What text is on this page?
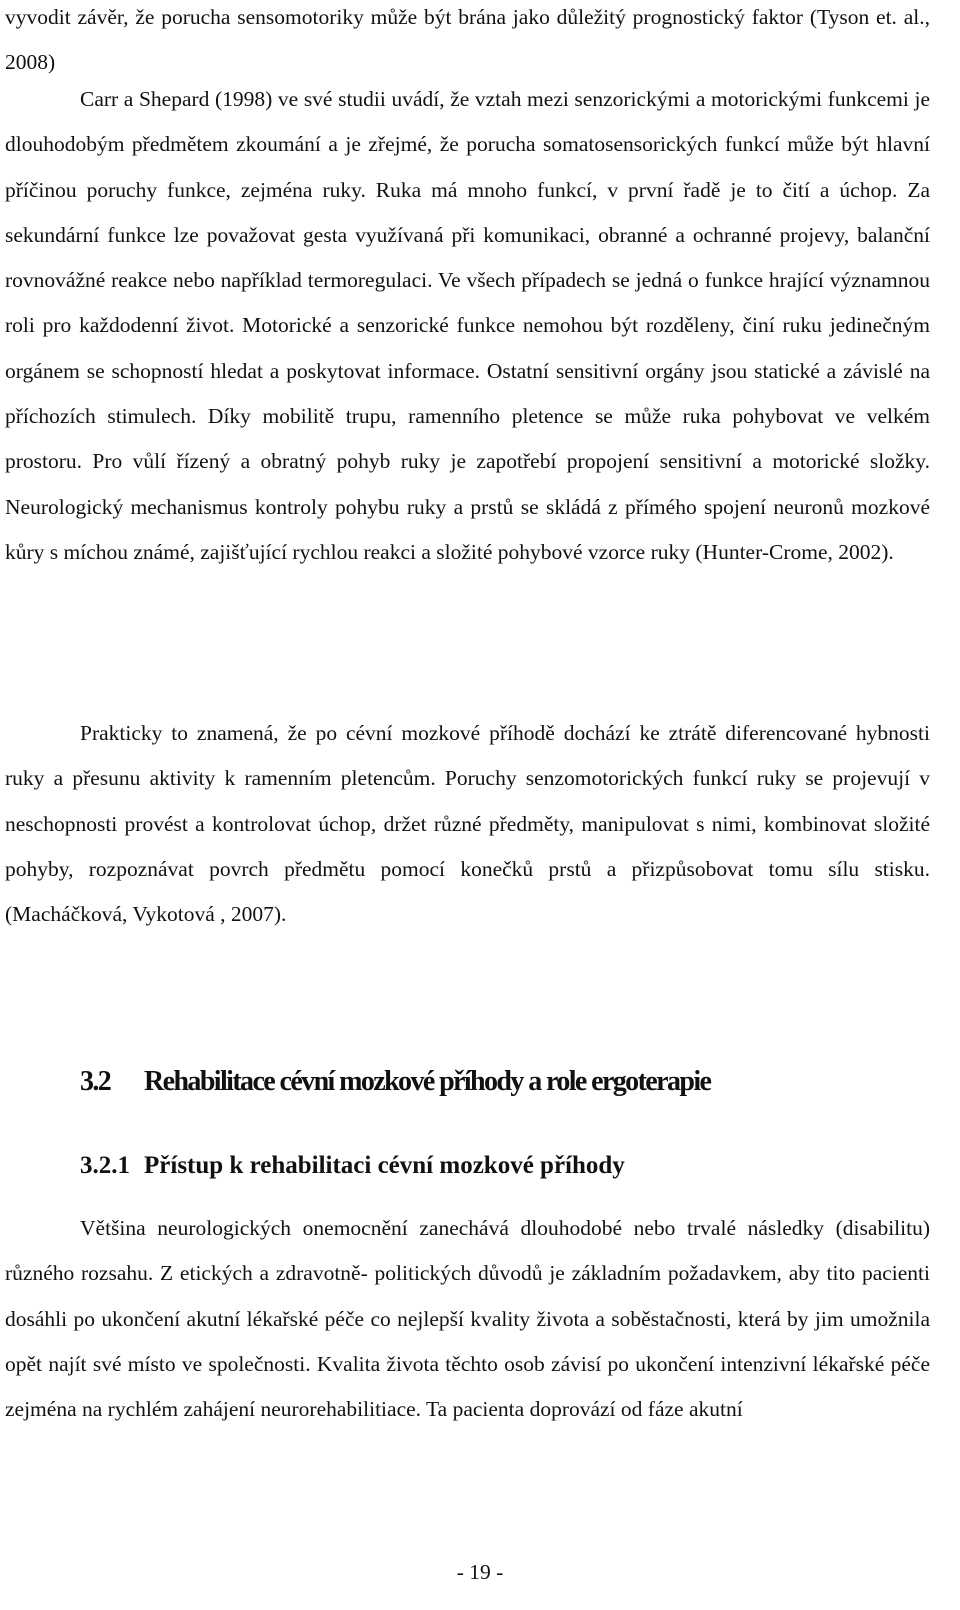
vyvodit závěr, že porucha sensomotoriky může být brána jako důležitý prognostický faktor (Tyson et. al., 2008)

Carr a Shepard (1998) ve své studii uvádí, že vztah mezi senzorickými a motorickými funkcemi je dlouhodobým předmětem zkoumání a je zřejmé, že porucha somatosensorických funkcí může být hlavní příčinou poruchy funkce, zejména ruky. Ruka má mnoho funkcí, v první řadě je to čití a úchop. Za sekundární funkce lze považovat gesta využívaná při komunikaci, obranné a ochranné projevy, balanční rovnovážné reakce nebo například termoregulaci. Ve všech případech se jedná o funkce hrající významnou roli pro každodenní život. Motorické a senzorické funkce nemohou být rozděleny, činí ruku jedinečným orgánem se schopností hledat a poskytovat informace. Ostatní sensitivní orgány jsou statické a závislé na příchozích stimulech. Díky mobilitě trupu, ramenního pletence se může ruka pohybovat ve velkém prostoru. Pro vůlí řízený a obratný pohyb ruky je zapotřebí propojení sensitivní a motorické složky. Neurologický mechanismus kontroly pohybu ruky a prstů se skládá z přímého spojení neuronů mozkové kůry s míchou známé, zajišťující rychlou reakci a složité pohybové vzorce ruky (Hunter-Crome, 2002).

Prakticky to znamená, že po cévní mozkové příhodě dochází ke ztrátě diferencované hybnosti ruky a přesunu aktivity k ramenním pletencům. Poruchy senzomotorických funkcí ruky se projevují v neschopnosti provést a kontrolovat úchop, držet různé předměty, manipulovat s nimi, kombinovat složité pohyby, rozpoznávat povrch předmětu pomocí konečků prstů a přizpůsobovat tomu sílu stisku. (Macháčková, Vykotová , 2007).

3.2 Rehabilitace cévní mozkové příhody a role ergoterapie
3.2.1 Přístup k rehabilitaci cévní mozkové příhody

Většina neurologických onemocnění zanechává dlouhodobé nebo trvalé následky (disabilitu) různého rozsahu. Z etických a zdravotně- politických důvodů je základním požadavkem, aby tito pacienti dosáhli po ukončení akutní lékařské péče co nejlepší kvality života a soběstačnosti, která by jim umožnila opět najít své místo ve společnosti. Kvalita života těchto osob závisí po ukončení intenzivní lékařské péče zejména na rychlém zahájení neurorehabilitiace. Ta pacienta doprovází od fáze akutní

- 19 -
